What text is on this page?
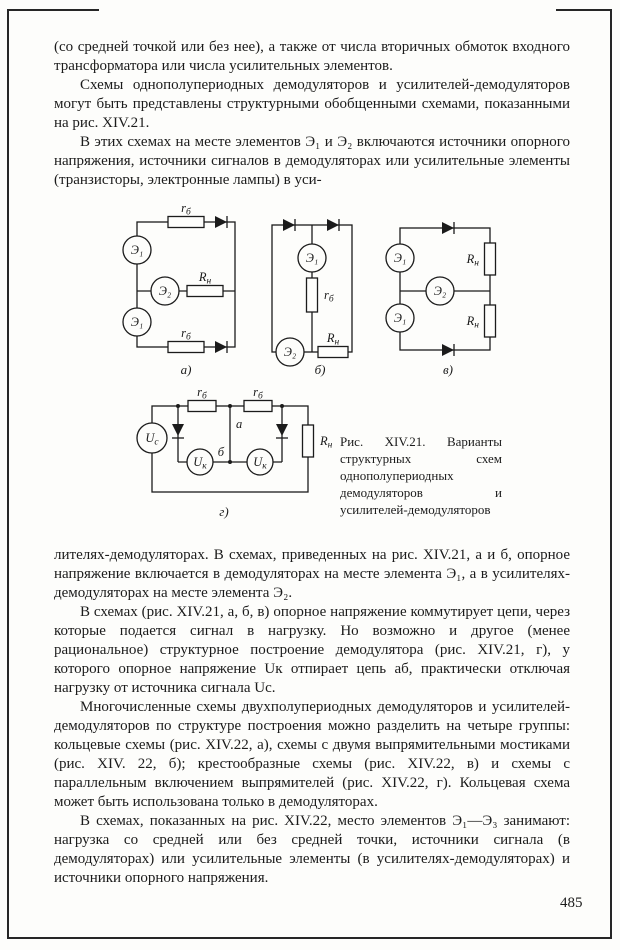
(со средней точкой или без нее), а также от числа вторичных обмоток входного трансформатора или числа усилительных элементов.

Схемы однополупериодных демодуляторов и усилителей-демодуляторов могут быть представлены структурными обобщенными схемами, показанными на рис. XIV.21.

В этих схемах на месте элементов Э₁ и Э₂ включаются источники опорного напряжения, источники сигналов в демодуляторах или усилительные элементы (транзисторы, электронные лампы) в уси-

Э₁
Э₂
Э₁
$r_б$
$R_н$
$r_б$
а)
Э₁
Э₂
$r_б$
$R_н$
б)
Э₁
Э₂
Э₁
$R_н$
$R_н$
в)
$r_б$	$r_б$
$U_с$
$U_к$	$U_к$
а
б
$R_н$
г)
Рис. XIV.21. Варианты структурных схем однополупериодных демодуляторов и усилителей-демодуляторов

лителях-демодуляторах. В схемах, приведенных на рис. XIV.21, а и б, опорное напряжение включается в демодуляторах на месте элемента Э₁, а в усилителях-демодуляторах на месте элемента Э₂.

В схемах (рис. XIV.21, а, б, в) опорное напряжение коммутирует цепи, через которые подается сигнал в нагрузку. Но возможно и другое (менее рациональное) структурное построение демодулятора (рис. XIV.21, г), у которого опорное напряжение Uк отпирает цепь аб, практически отключая нагрузку от источника сигнала Uс.

Многочисленные схемы двухполупериодных демодуляторов и усилителей-демодуляторов по структуре построения можно разделить на четыре группы: кольцевые схемы (рис. XIV.22, а), схемы с двумя выпрямительными мостиками (рис. XIV. 22, б); крестообразные схемы (рис. XIV.22, в) и схемы с параллельным включением выпрямителей (рис. XIV.22, г). Кольцевая схема может быть использована только в демодуляторах.

В схемах, показанных на рис. XIV.22, место элементов Э₁—Э₃ занимают: нагрузка со средней или без средней точки, источники сигнала (в демодуляторах) или усилительные элементы (в усилителях-демодуляторах) и источники опорного напряжения.

485
